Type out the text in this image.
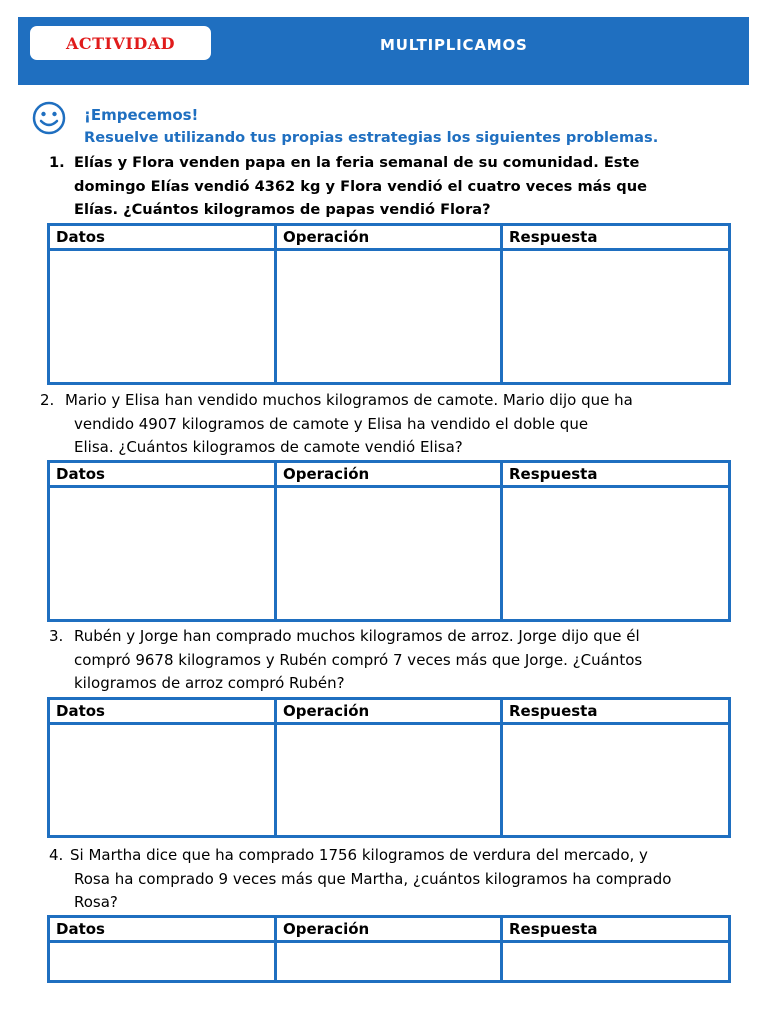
ACTIVIDAD	MULTIPLICAMOS
¡Empecemos!
Resuelve utilizando tus propias estrategias los siguientes problemas.
1. Elías y Flora venden papa en la feria semanal de su comunidad. Este
domingo Elías vendió 4362 kg y Flora vendió el cuatro veces más que
Elías. ¿Cuántos kilogramos de papas vendió Flora?
Datos	Operación	Respuesta

2. Mario y Elisa han vendido muchos kilogramos de camote. Mario dijo que ha
vendido 4907 kilogramos de camote y Elisa ha vendido el doble que
Elisa. ¿Cuántos kilogramos de camote vendió Elisa?
Datos	Operación	Respuesta

3. Rubén y Jorge han comprado muchos kilogramos de arroz. Jorge dijo que él
compró 9678 kilogramos y Rubén compró 7 veces más que Jorge. ¿Cuántos
kilogramos de arroz compró Rubén?
Datos	Operación	Respuesta

4. Si Martha dice que ha comprado 1756 kilogramos de verdura del mercado, y
Rosa ha comprado 9 veces más que Martha, ¿cuántos kilogramos ha comprado
Rosa?
Datos	Operación	Respuesta
